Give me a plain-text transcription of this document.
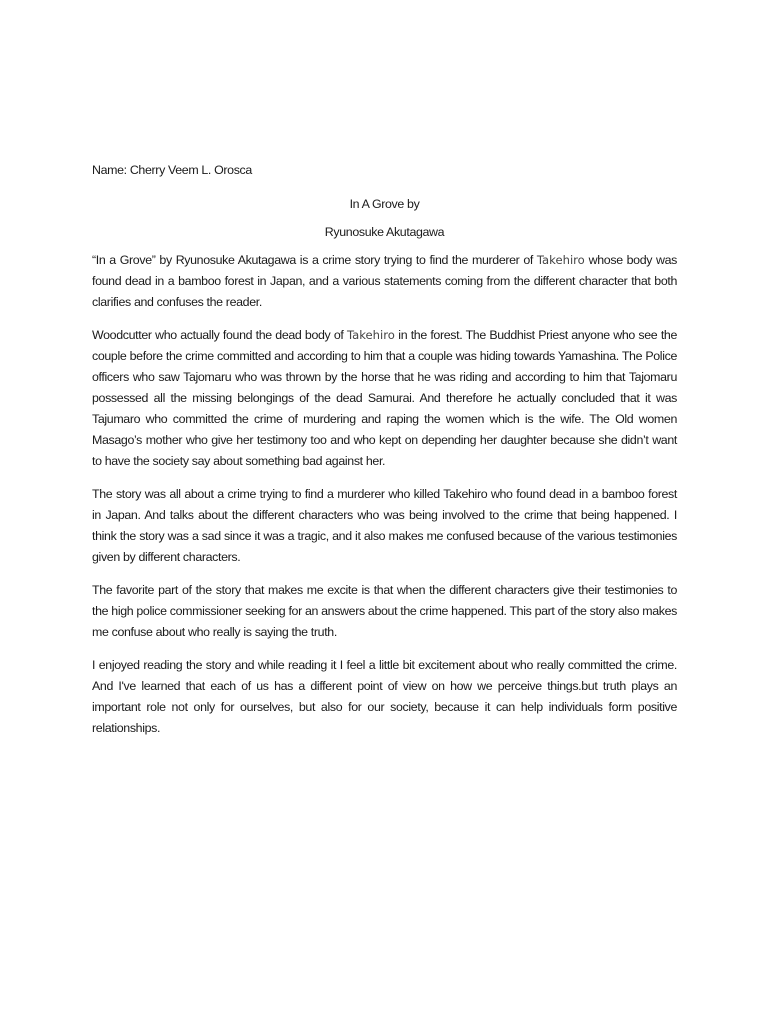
Name: Cherry Veem L. Orosca

In A Grove by

Ryunosuke Akutagawa

“In a Grove” by Ryunosuke Akutagawa is a crime story trying to find the murderer of Takehiro whose body was found dead in a bamboo forest in Japan, and a various statements coming from the different character that both clarifies and confuses the reader.

Woodcutter who actually found the dead body of Takehiro in the forest. The Buddhist Priest anyone who see the couple before the crime committed and according to him that a couple was hiding towards Yamashina. The Police officers who saw Tajomaru who was thrown by the horse that he was riding and according to him that Tajomaru possessed all the missing belongings of the dead Samurai. And therefore he actually concluded that it was Tajumaro who committed the crime of murdering and raping the women which is the wife. The Old women Masago’s mother who give her testimony too and who kept on depending her daughter because she didn’t want to have the society say about something bad against her.

The story was all about a crime trying to find a murderer who killed Takehiro who found dead in a bamboo forest in Japan. And talks about the different characters who was being involved to the crime that being happened. I think the story was a sad since it was a tragic, and it also makes me confused because of the various testimonies given by different characters.

The favorite part of the story that makes me excite is that when the different characters give their testimonies to the high police commissioner seeking for an answers about the crime happened. This part of the story also makes me confuse about who really is saying the truth.

I enjoyed reading the story and while reading it I feel a little bit excitement about who really committed the crime. And I've learned that each of us has a different point of view on how we perceive things.but truth plays an important role not only for ourselves, but also for our society, because it can help individuals form positive relationships.
